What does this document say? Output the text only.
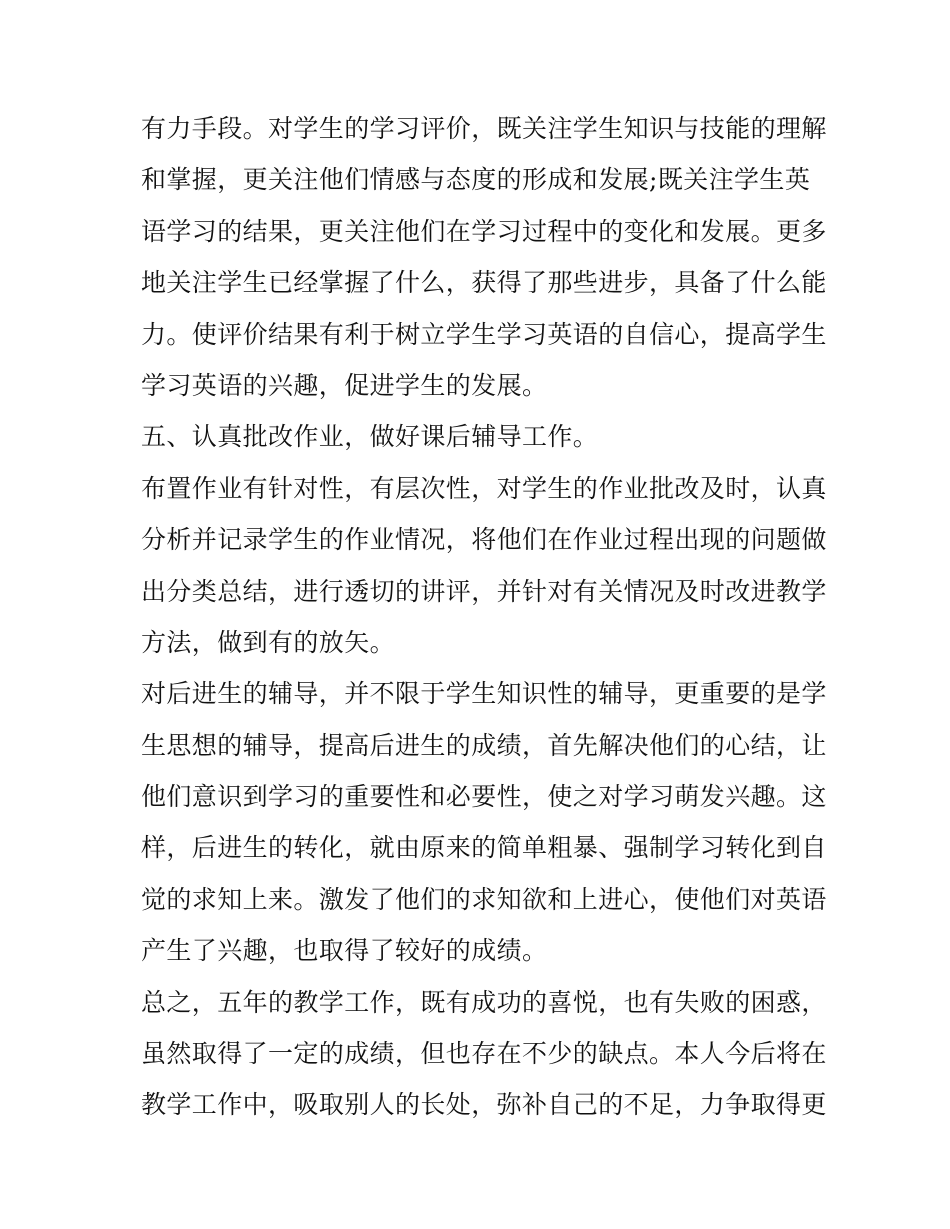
有力手段。对学生的学习评价，既关注学生知识与技能的理解
和掌握，更关注他们情感与态度的形成和发展;既关注学生英
语学习的结果，更关注他们在学习过程中的变化和发展。更多
地关注学生已经掌握了什么，获得了那些进步，具备了什么能
力。使评价结果有利于树立学生学习英语的自信心，提高学生
学习英语的兴趣，促进学生的发展。
五、认真批改作业，做好课后辅导工作。
布置作业有针对性，有层次性，对学生的作业批改及时，认真
分析并记录学生的作业情况，将他们在作业过程出现的问题做
出分类总结，进行透切的讲评，并针对有关情况及时改进教学
方法，做到有的放矢。
对后进生的辅导，并不限于学生知识性的辅导，更重要的是学
生思想的辅导，提高后进生的成绩，首先解决他们的心结，让
他们意识到学习的重要性和必要性，使之对学习萌发兴趣。这
样，后进生的转化，就由原来的简单粗暴、强制学习转化到自
觉的求知上来。激发了他们的求知欲和上进心，使他们对英语
产生了兴趣，也取得了较好的成绩。
总之，五年的教学工作，既有成功的喜悦，也有失败的困惑，
虽然取得了一定的成绩，但也存在不少的缺点。本人今后将在
教学工作中，吸取别人的长处，弥补自己的不足，力争取得更
